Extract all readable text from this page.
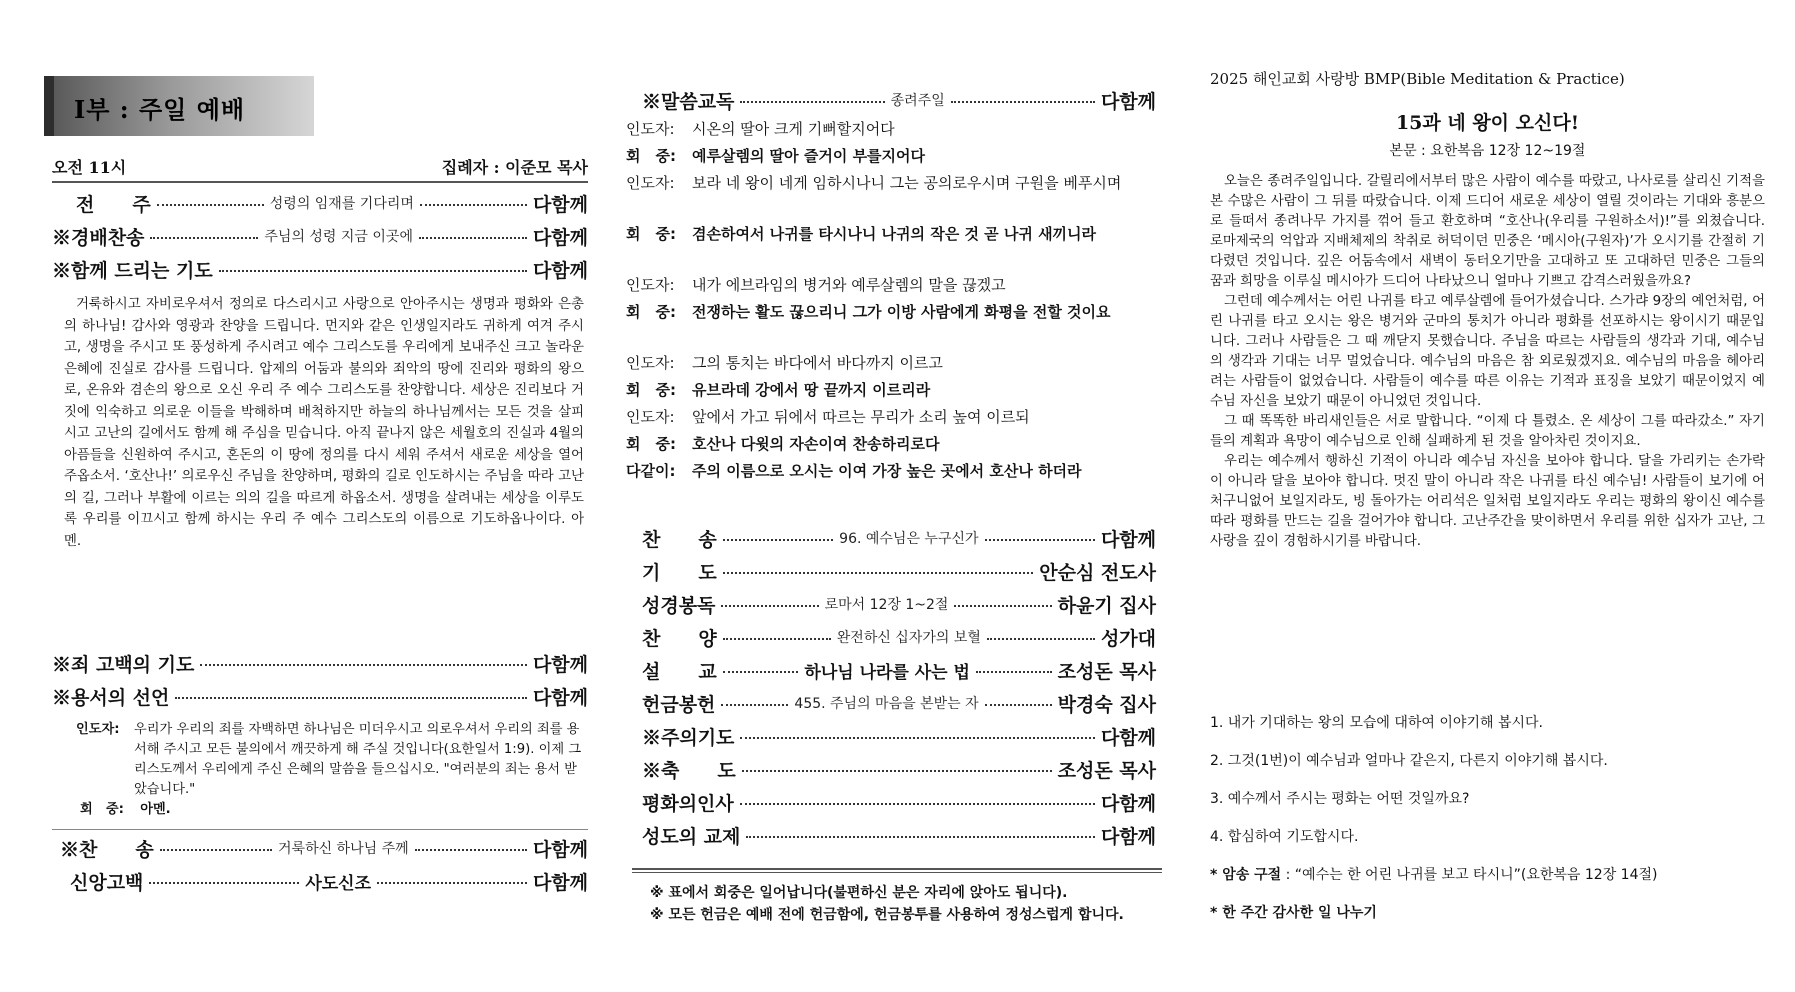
I부 : 주일 예배
오전 11시	집례자 : 이준모 목사
전　　주	성령의 임재를 기다리며	다함께
※경배찬송	주님의 성령 지금 이곳에	다함께
※함께 드리는 기도	다함께

거룩하시고 자비로우셔서 정의로 다스리시고 사랑으로 안아주시는 생명과 평화와 은총의 하나님! 감사와 영광과 찬양을 드립니다. 먼지와 같은 인생일지라도 귀하게 여겨 주시고, 생명을 주시고 또 풍성하게 주시려고 예수 그리스도를 우리에게 보내주신 크고 놀라운 은혜에 진실로 감사를 드립니다. 압제의 어둠과 불의와 죄악의 땅에 진리와 평화의 왕으로, 온유와 겸손의 왕으로 오신 우리 주 예수 그리스도를 찬양합니다. 세상은 진리보다 거짓에 익숙하고 의로운 이들을 박해하며 배척하지만 하늘의 하나님께서는 모든 것을 살피시고 고난의 길에서도 함께 해 주심을 믿습니다. 아직 끝나지 않은 세월호의 진실과 4월의 아픔들을 신원하여 주시고, 혼돈의 이 땅에 정의를 다시 세워 주셔서 새로운 세상을 열어 주옵소서. ‘호산나!’ 의로우신 주님을 찬양하며, 평화의 길로 인도하시는 주님을 따라 고난의 길, 그러나 부활에 이르는 의의 길을 따르게 하옵소서. 생명을 살려내는 세상을 이루도록 우리를 이끄시고 함께 하시는 우리 주 예수 그리스도의 이름으로 기도하옵나이다. 아멘.

※죄 고백의 기도	다함께
※용서의 선언	다함께
인도자:	우리가 우리의 죄를 자백하면 하나님은 미더우시고 의로우셔서 우리의 죄를 용서해 주시고 모든 불의에서 깨끗하게 해 주실 것입니다(요한일서 1:9). 이제 그리스도께서 우리에게 주신 은혜의 말씀을 들으십시오. "여러분의 죄는 용서 받았습니다."
회　중: 아멘.
※찬　　송	거룩하신 하나님 주께	다함께
신앙고백	사도신조	다함께
※말씀교독	종려주일	다함께
인도자: 시온의 딸아 크게 기뻐할지어다
회　중: 예루살렘의 딸아 즐거이 부를지어다
인도자: 보라 네 왕이 네게 임하시나니 그는 공의로우시며 구원을 베푸시며
회　중: 겸손하여서 나귀를 타시나니 나귀의 작은 것 곧 나귀 새끼니라
인도자: 내가 에브라임의 병거와 예루살렘의 말을 끊겠고
회　중: 전쟁하는 활도 끊으리니 그가 이방 사람에게 화평을 전할 것이요
인도자: 그의 통치는 바다에서 바다까지 이르고
회　중: 유브라데 강에서 땅 끝까지 이르리라
인도자: 앞에서 가고 뒤에서 따르는 무리가 소리 높여 이르되
회　중: 호산나 다윗의 자손이여 찬송하리로다
다같이: 주의 이름으로 오시는 이여 가장 높은 곳에서 호산나 하더라
찬　　송	96. 예수님은 누구신가	다함께
기　　도	안순심 전도사
성경봉독	로마서 12장 1~2절	하윤기 집사
찬　　양	완전하신 십자가의 보혈	성가대
설　　교	하나님 나라를 사는 법	조성돈 목사
헌금봉헌	455. 주님의 마음을 본받는 자	박경숙 집사
※주의기도	다함께
※축　　도	조성돈 목사
평화의인사	다함께
성도의 교제	다함께
※ 표에서 회중은 일어납니다(불편하신 분은 자리에 앉아도 됩니다).
※ 모든 헌금은 예배 전에 헌금함에, 헌금봉투를 사용하여 정성스럽게 합니다.
2025 해인교회 사랑방 BMP(Bible Meditation & Practice)
15과 네 왕이 오신다!
본문 : 요한복음 12장 12~19절

오늘은 종려주일입니다. 갈릴리에서부터 많은 사람이 예수를 따랐고, 나사로를 살리신 기적을 본 수많은 사람이 그 뒤를 따랐습니다. 이제 드디어 새로운 세상이 열릴 것이라는 기대와 흥분으로 들떠서 종려나무 가지를 꺾어 들고 환호하며 “호산나(우리를 구원하소서)!”를 외쳤습니다. 로마제국의 억압과 지배체제의 착취로 허덕이던 민중은 ‘메시아(구원자)’가 오시기를 간절히 기다렸던 것입니다. 깊은 어둠속에서 새벽이 동터오기만을 고대하고 또 고대하던 민중은 그들의 꿈과 희망을 이루실 메시아가 드디어 나타났으니 얼마나 기쁘고 감격스러웠을까요?

그런데 예수께서는 어린 나귀를 타고 예루살렘에 들어가셨습니다. 스가랴 9장의 예언처럼, 어린 나귀를 타고 오시는 왕은 병거와 군마의 통치가 아니라 평화를 선포하시는 왕이시기 때문입니다. 그러나 사람들은 그 때 깨닫지 못했습니다. 주님을 따르는 사람들의 생각과 기대, 예수님의 생각과 기대는 너무 멀었습니다. 예수님의 마음은 참 외로웠겠지요. 예수님의 마음을 헤아리려는 사람들이 없었습니다. 사람들이 예수를 따른 이유는 기적과 표징을 보았기 때문이었지 예수님 자신을 보았기 때문이 아니었던 것입니다.

그 때 똑똑한 바리새인들은 서로 말합니다. “이제 다 틀렸소. 온 세상이 그를 따라갔소.” 자기들의 계획과 욕망이 예수님으로 인해 실패하게 된 것을 알아차린 것이지요.

우리는 예수께서 행하신 기적이 아니라 예수님 자신을 보아야 합니다. 달을 가리키는 손가락이 아니라 달을 보아야 합니다. 멋진 말이 아니라 작은 나귀를 타신 예수님! 사람들이 보기에 어처구니없어 보일지라도, 빙 돌아가는 어리석은 일처럼 보일지라도 우리는 평화의 왕이신 예수를 따라 평화를 만드는 길을 걸어가야 합니다. 고난주간을 맞이하면서 우리를 위한 십자가 고난, 그 사랑을 깊이 경험하시기를 바랍니다.

1. 내가 기대하는 왕의 모습에 대하여 이야기해 봅시다.
2. 그것(1번)이 예수님과 얼마나 같은지, 다른지 이야기해 봅시다.
3. 예수께서 주시는 평화는 어떤 것일까요?
4. 합심하여 기도합시다.
* 암송 구절 : “예수는 한 어린 나귀를 보고 타시니”(요한복음 12장 14절)
* 한 주간 감사한 일 나누기
